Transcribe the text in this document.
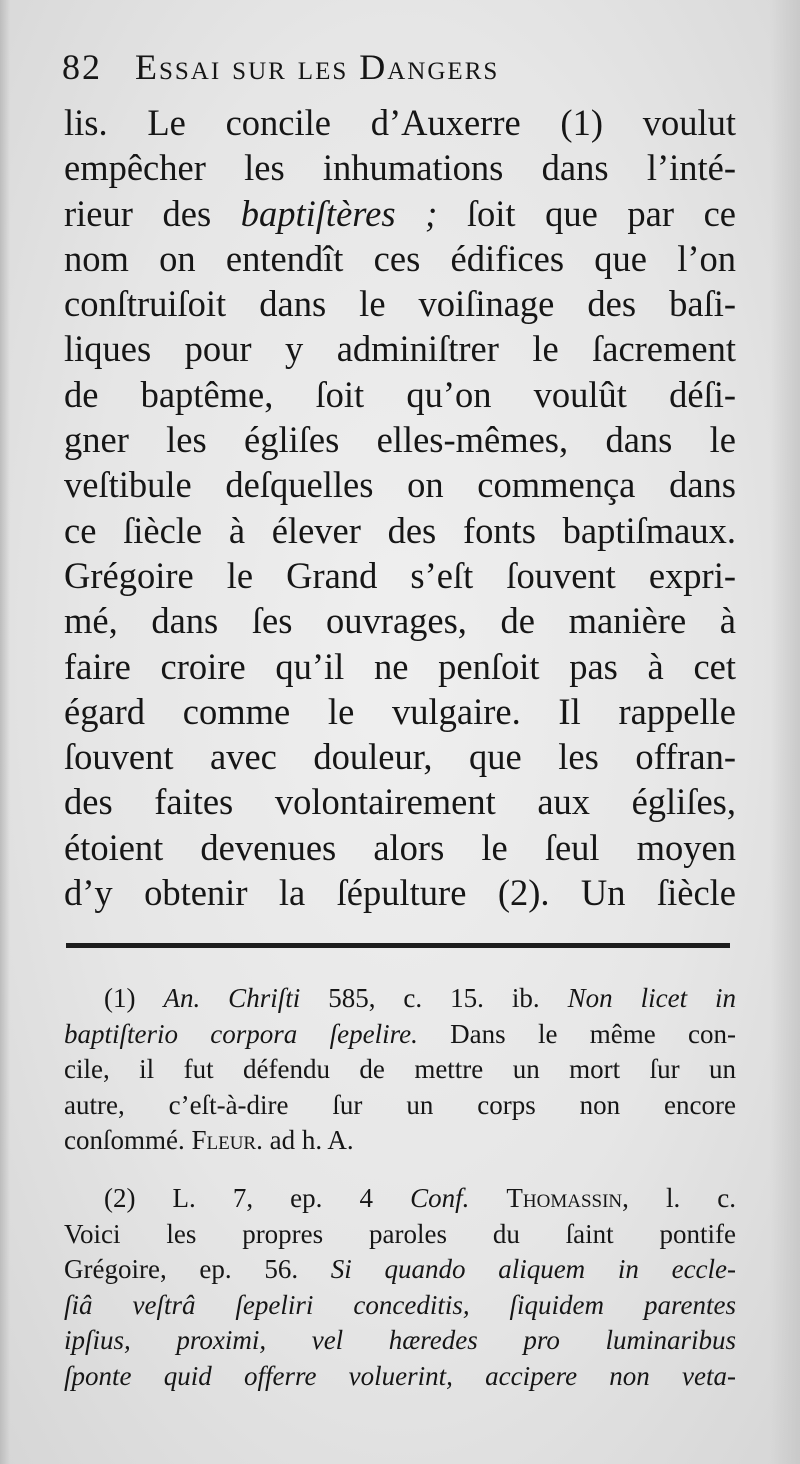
82 Essai sur les Dangers
lis. Le concile d’Auxerre (1) voulut
empêcher les inhumations dans l’inté-
rieur des baptiſtères ; ſoit que par ce
nom on entendît ces édifices que l’on
conſtruiſoit dans le voiſinage des baſi-
liques pour y adminiſtrer le ſacrement
de baptême, ſoit qu’on voulût déſi-
gner les égliſes elles-mêmes, dans le
veſtibule deſquelles on commença dans
ce ſiècle à élever des fonts baptiſmaux.
Grégoire le Grand s’eſt ſouvent expri-
mé, dans ſes ouvrages, de manière à
faire croire qu’il ne penſoit pas à cet
égard comme le vulgaire. Il rappelle
ſouvent avec douleur, que les offran-
des faites volontairement aux égliſes,
étoient devenues alors le ſeul moyen
d’y obtenir la ſépulture (2). Un ſiècle
(1) An. Chriſti 585, c. 15. ib. Non licet in
baptiſterio corpora ſepelire. Dans le même con-
cile, il fut défendu de mettre un mort ſur un
autre, c’eſt-à-dire ſur un corps non encore
conſommé. Fleur. ad h. A.
(2) L. 7, ep. 4 Conf. Thomassin, l. c.
Voici les propres paroles du ſaint pontife
Grégoire, ep. 56. Si quando aliquem in eccle-
ſiâ veſtrâ ſepeliri conceditis, ſiquidem parentes
ipſius, proximi, vel hæredes pro luminaribus
ſponte quid offerre voluerint, accipere non veta-
